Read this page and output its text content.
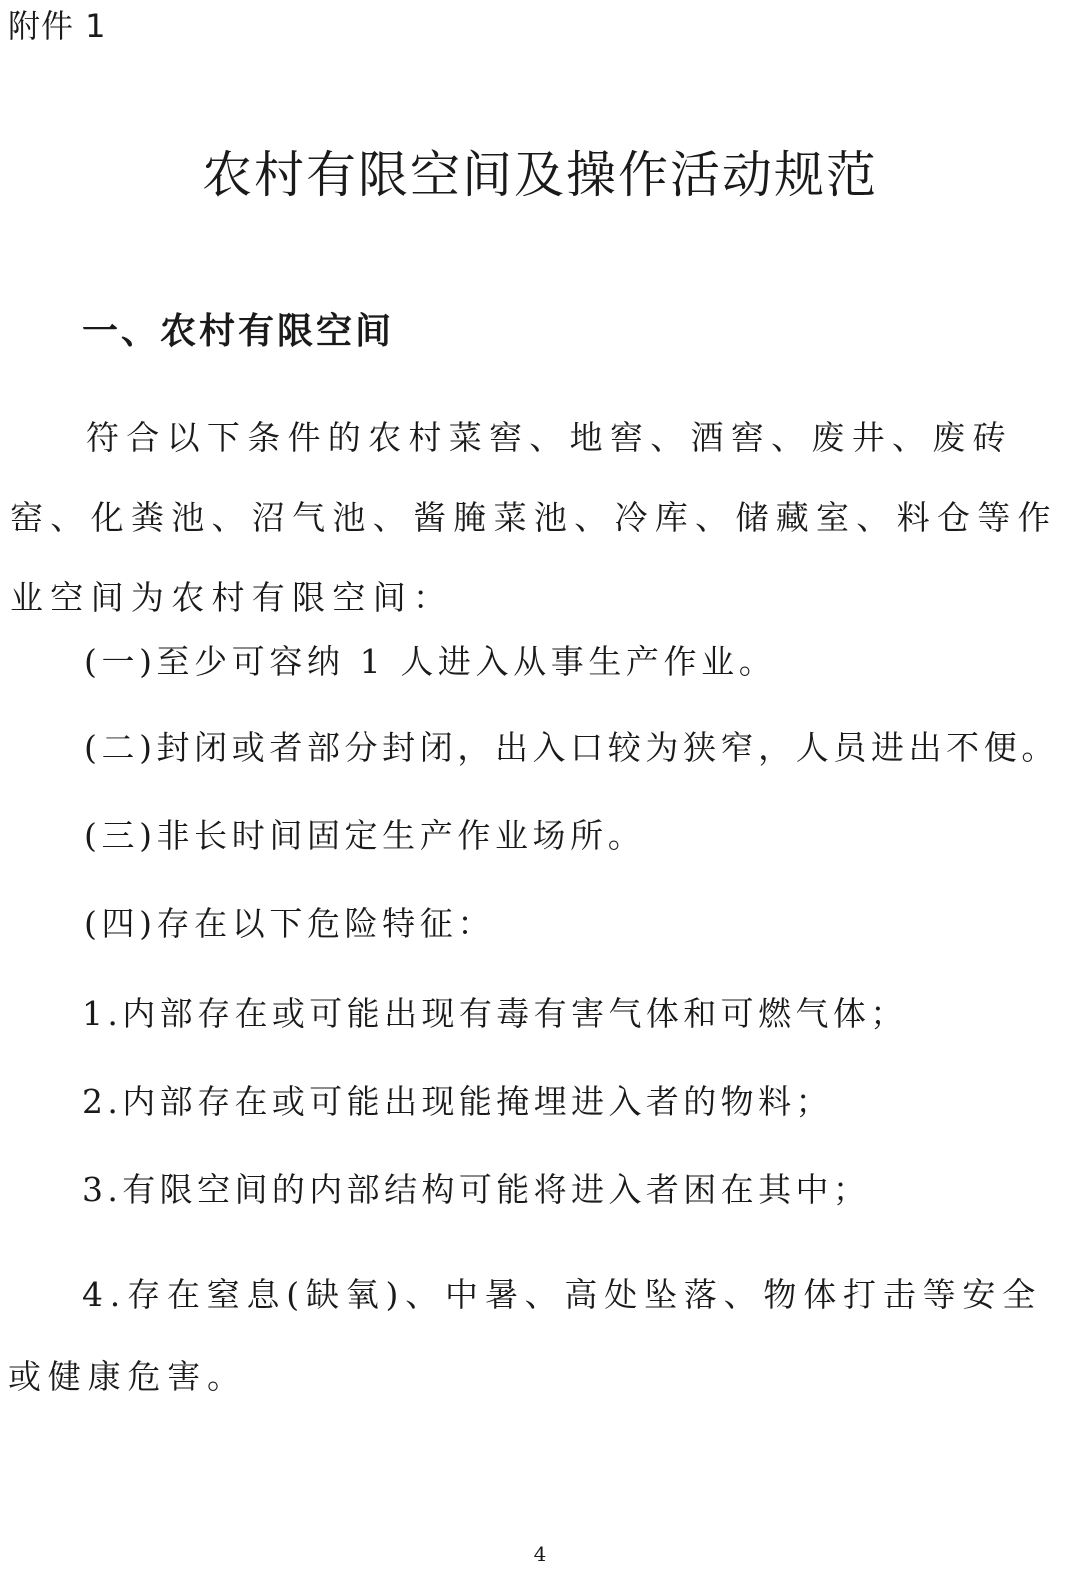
附件 1
农村有限空间及操作活动规范
一、农村有限空间

符合以下条件的农村菜窖、地窖、酒窖、废井、废砖窑、化粪池、沼气池、酱腌菜池、冷库、储藏室、料仓等作业空间为农村有限空间：

(一)至少可容纳 1 人进入从事生产作业。

(二)封闭或者部分封闭，出入口较为狭窄，人员进出不便。

(三)非长时间固定生产作业场所。

(四)存在以下危险特征：

1.内部存在或可能出现有毒有害气体和可燃气体；

2.内部存在或可能出现能掩埋进入者的物料；

3.有限空间的内部结构可能将进入者困在其中；

4.存在窒息(缺氧)、中暑、高处坠落、物体打击等安全或健康危害。

4
